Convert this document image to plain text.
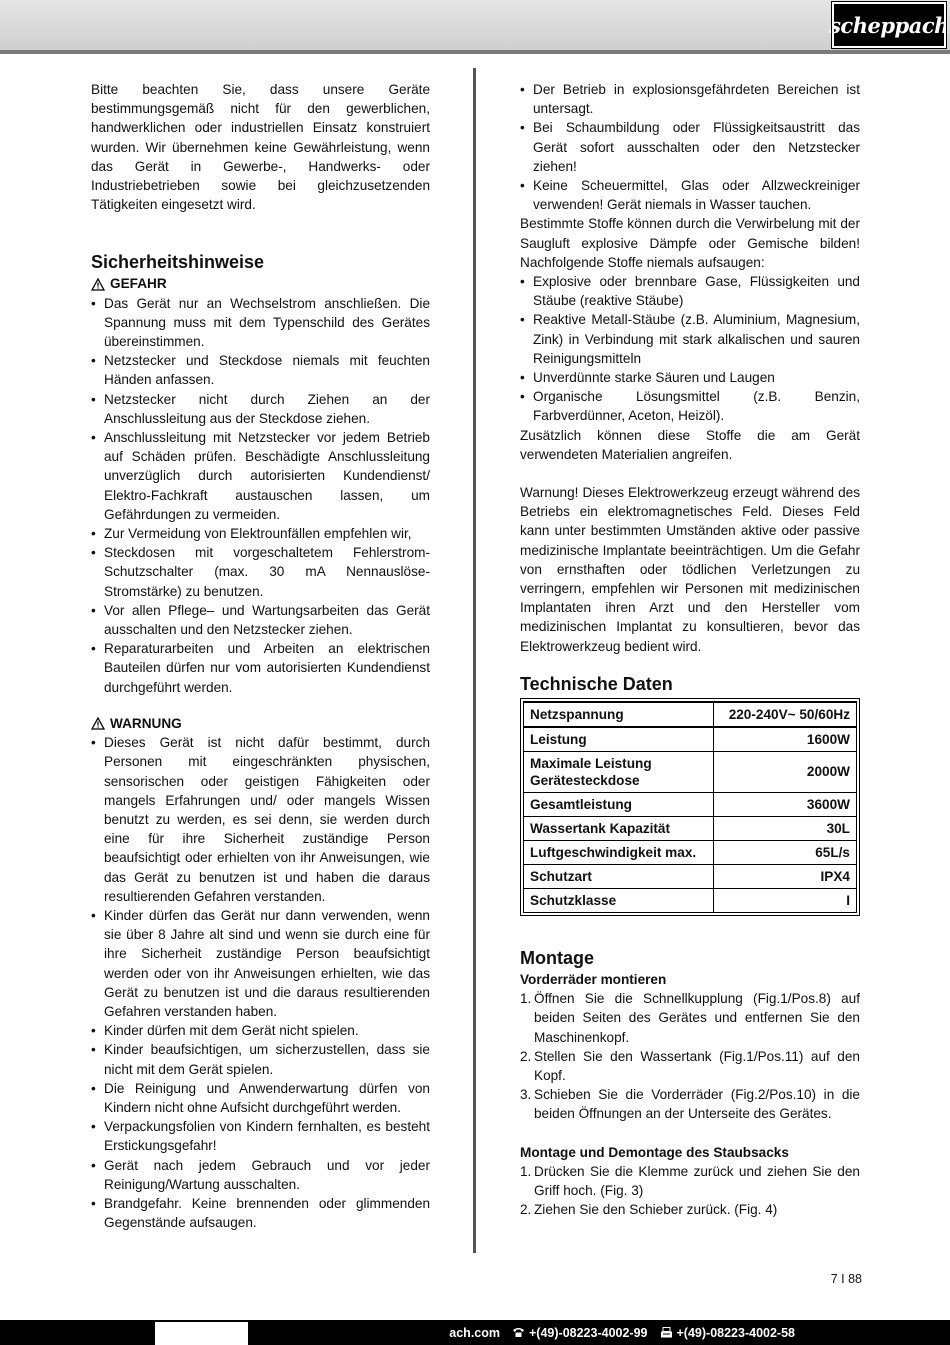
scheppach

Bitte beachten Sie, dass unsere Geräte bestimmungsgemäß nicht für den gewerblichen, handwerklichen oder industriellen Einsatz konstruiert wurden. Wir übernehmen keine Gewährleistung, wenn das Gerät in Gewerbe-, Handwerks- oder Industriebetrieben sowie bei gleichzusetzenden Tätigkeiten eingesetzt wird.

Sicherheitshinweise
GEFAHR
• Das Gerät nur an Wechselstrom anschließen. Die Spannung muss mit dem Typenschild des Gerätes übereinstimmen.
• Netzstecker und Steckdose niemals mit feuchten Händen anfassen.
• Netzstecker nicht durch Ziehen an der Anschlussleitung aus der Steckdose ziehen.
• Anschlussleitung mit Netzstecker vor jedem Betrieb auf Schäden prüfen. Beschädigte Anschlussleitung unverzüglich durch autorisierten Kundendienst/ Elektro-Fachkraft austauschen lassen, um Gefährdungen zu vermeiden.
• Zur Vermeidung von Elektrounfällen empfehlen wir,
• Steckdosen mit vorgeschaltetem Fehlerstrom-Schutzschalter (max. 30 mA Nennauslöse-Stromstärke) zu benutzen.
• Vor allen Pflege– und Wartungsarbeiten das Gerät ausschalten und den Netzstecker ziehen.
• Reparaturarbeiten und Arbeiten an elektrischen Bauteilen dürfen nur vom autorisierten Kundendienst durchgeführt werden.
WARNUNG
• Dieses Gerät ist nicht dafür bestimmt, durch Personen mit eingeschränkten physischen, sensorischen oder geistigen Fähigkeiten oder mangels Erfahrungen und/ oder mangels Wissen benutzt zu werden, es sei denn, sie werden durch eine für ihre Sicherheit zuständige Person beaufsichtigt oder erhielten von ihr Anweisungen, wie das Gerät zu benutzen ist und haben die daraus resultierenden Gefahren verstanden.
• Kinder dürfen das Gerät nur dann verwenden, wenn sie über 8 Jahre alt sind und wenn sie durch eine für ihre Sicherheit zuständige Person beaufsichtigt werden oder von ihr Anweisungen erhielten, wie das Gerät zu benutzen ist und die daraus resultierenden Gefahren verstanden haben.
• Kinder dürfen mit dem Gerät nicht spielen.
• Kinder beaufsichtigen, um sicherzustellen, dass sie nicht mit dem Gerät spielen.
• Die Reinigung und Anwenderwartung dürfen von Kindern nicht ohne Aufsicht durchgeführt werden.
• Verpackungsfolien von Kindern fernhalten, es besteht Erstickungsgefahr!
• Gerät nach jedem Gebrauch und vor jeder Reinigung/Wartung ausschalten.
• Brandgefahr. Keine brennenden oder glimmenden Gegenstände aufsaugen.
• Der Betrieb in explosionsgefährdeten Bereichen ist untersagt.
• Bei Schaumbildung oder Flüssigkeitsaustritt das Gerät sofort ausschalten oder den Netzstecker ziehen!
• Keine Scheuermittel, Glas oder Allzweckreiniger verwenden! Gerät niemals in Wasser tauchen.

Bestimmte Stoffe können durch die Verwirbelung mit der Saugluft explosive Dämpfe oder Gemische bilden! Nachfolgende Stoffe niemals aufsaugen:

• Explosive oder brennbare Gase, Flüssigkeiten und Stäube (reaktive Stäube)
• Reaktive Metall-Stäube (z.B. Aluminium, Magnesium, Zink) in Verbindung mit stark alkalischen und sauren Reinigungsmitteln
• Unverdünnte starke Säuren und Laugen
• Organische Lösungsmittel (z.B. Benzin, Farbverdünner, Aceton, Heizöl).

Zusätzlich können diese Stoffe die am Gerät verwendeten Materialien angreifen.

Warnung! Dieses Elektrowerkzeug erzeugt während des Betriebs ein elektromagnetisches Feld. Dieses Feld kann unter bestimmten Umständen aktive oder passive medizinische Implantate beeinträchtigen. Um die Gefahr von ernsthaften oder tödlichen Verletzungen zu verringern, empfehlen wir Personen mit medizinischen Implantaten ihren Arzt und den Hersteller vom medizinischen Implantat zu konsultieren, bevor das Elektrowerkzeug bedient wird.

Technische Daten
Netzspannung	220-240V~ 50/60Hz
Leistung	1600W
Maximale Leistung Gerätesteckdose	2000W
Gesamtleistung	3600W
Wassertank Kapazität	30L
Luftgeschwindigkeit max.	65L/s
Schutzart	IPX4
Schutzklasse	I
Montage
Vorderräder montieren
1. Öffnen Sie die Schnellkupplung (Fig.1/Pos.8) auf beiden Seiten des Gerätes und entfernen Sie den Maschinenkopf.
2. Stellen Sie den Wassertank (Fig.1/Pos.11) auf den Kopf.
3. Schieben Sie die Vorderräder (Fig.2/Pos.10) in die beiden Öffnungen an der Unterseite des Gerätes.
Montage und Demontage des Staubsacks
1. Drücken Sie die Klemme zurück und ziehen Sie den Griff hoch. (Fig. 3)
2. Ziehen Sie den Schieber zurück. (Fig. 4)
7 I 88
ach.com +(49)-08223-4002-99 +(49)-08223-4002-58
